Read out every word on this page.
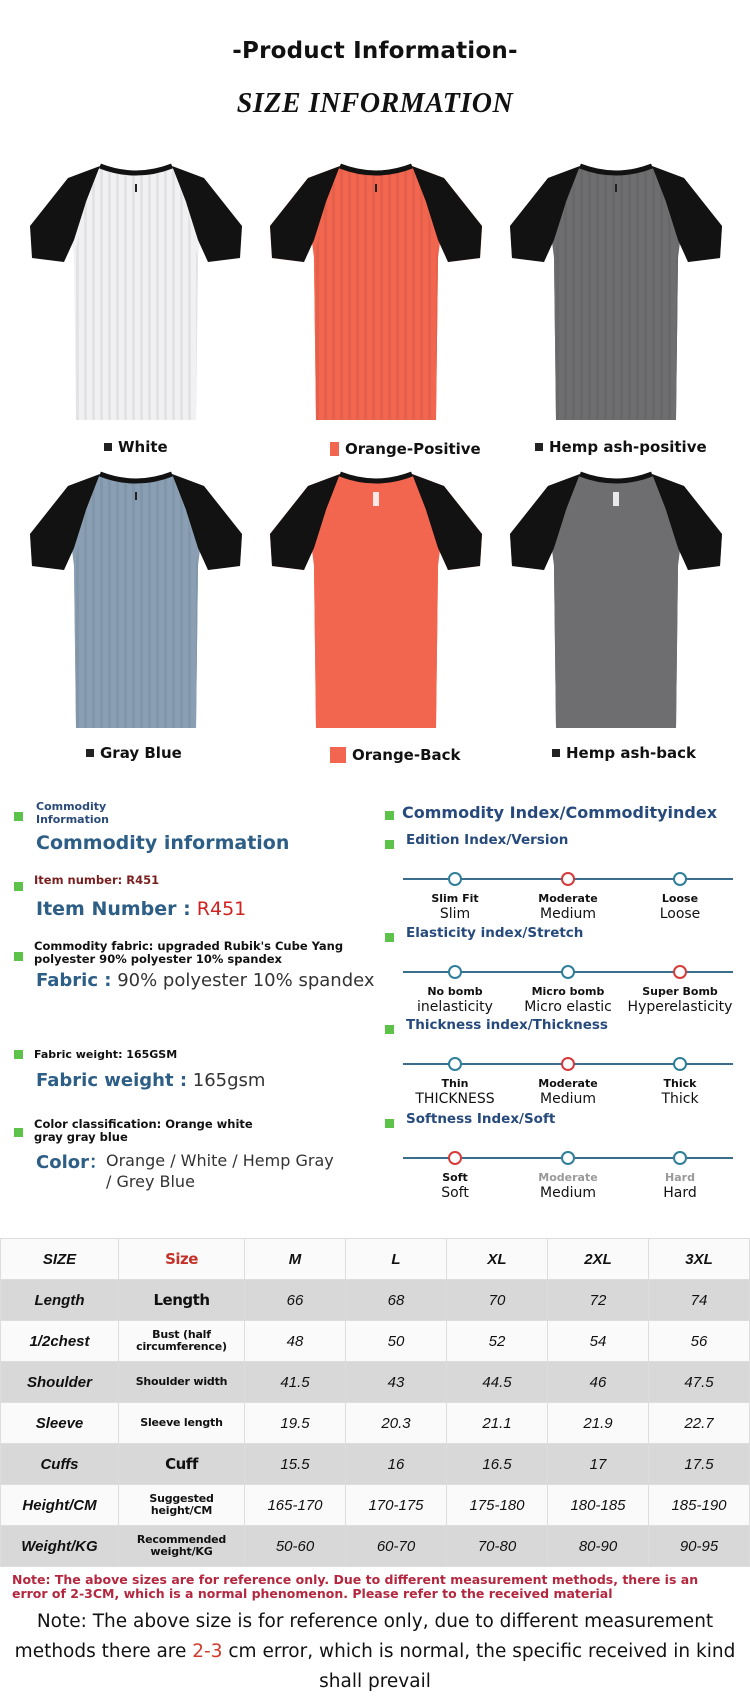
-Product Information-
SIZE INFORMATION
White	Orange-Positive	Hemp ash-positive
Gray Blue	Orange-Back	Hemp ash-back
Commodity
Information
Commodity information
Item number: R451
Item Number : R451
Commodity fabric: upgraded Rubik's Cube Yang
polyester 90% polyester 10% spandex
Fabric : 90% polyester 10% spandex
Fabric weight: 165GSM
Fabric weight : 165gsm
Color classification: Orange white
gray gray blue
Color： Orange / White / Hemp Gray
/ Grey Blue
Commodity Index/Commodityindex
Edition Index/Version
Slim Fit
Slim
Moderate
Medium
Loose
Loose
Elasticity index/Stretch
No bomb
inelasticity
Micro bomb
Micro elastic
Super Bomb
Hyperelasticity
Thickness index/Thickness
Thin
THICKNESS
Moderate
Medium
Thick
Thick
Softness Index/Soft
Soft
Soft
Moderate
Medium
Hard
Hard
SIZE	Size	M	L	XL	2XL	3XL
Length	Length	66	68	70	72	74
1/2chest	Bust (half circumference)	48	50	52	54	56
Shoulder	Shoulder width	41.5	43	44.5	46	47.5
Sleeve	Sleeve length	19.5	20.3	21.1	21.9	22.7
Cuffs	Cuff	15.5	16	16.5	17	17.5
Height/CM	Suggested height/CM	165-170	170-175	175-180	180-185	185-190
Weight/KG	Recommended weight/KG	50-60	60-70	70-80	80-90	90-95
Note: The above sizes are for reference only. Due to different measurement methods, there is an error of 2-3CM, which is a normal phenomenon. Please refer to the received material
Note: The above size is for reference only, due to different measurement methods there are 2-3 cm error, which is normal, the specific received in kind shall prevail
